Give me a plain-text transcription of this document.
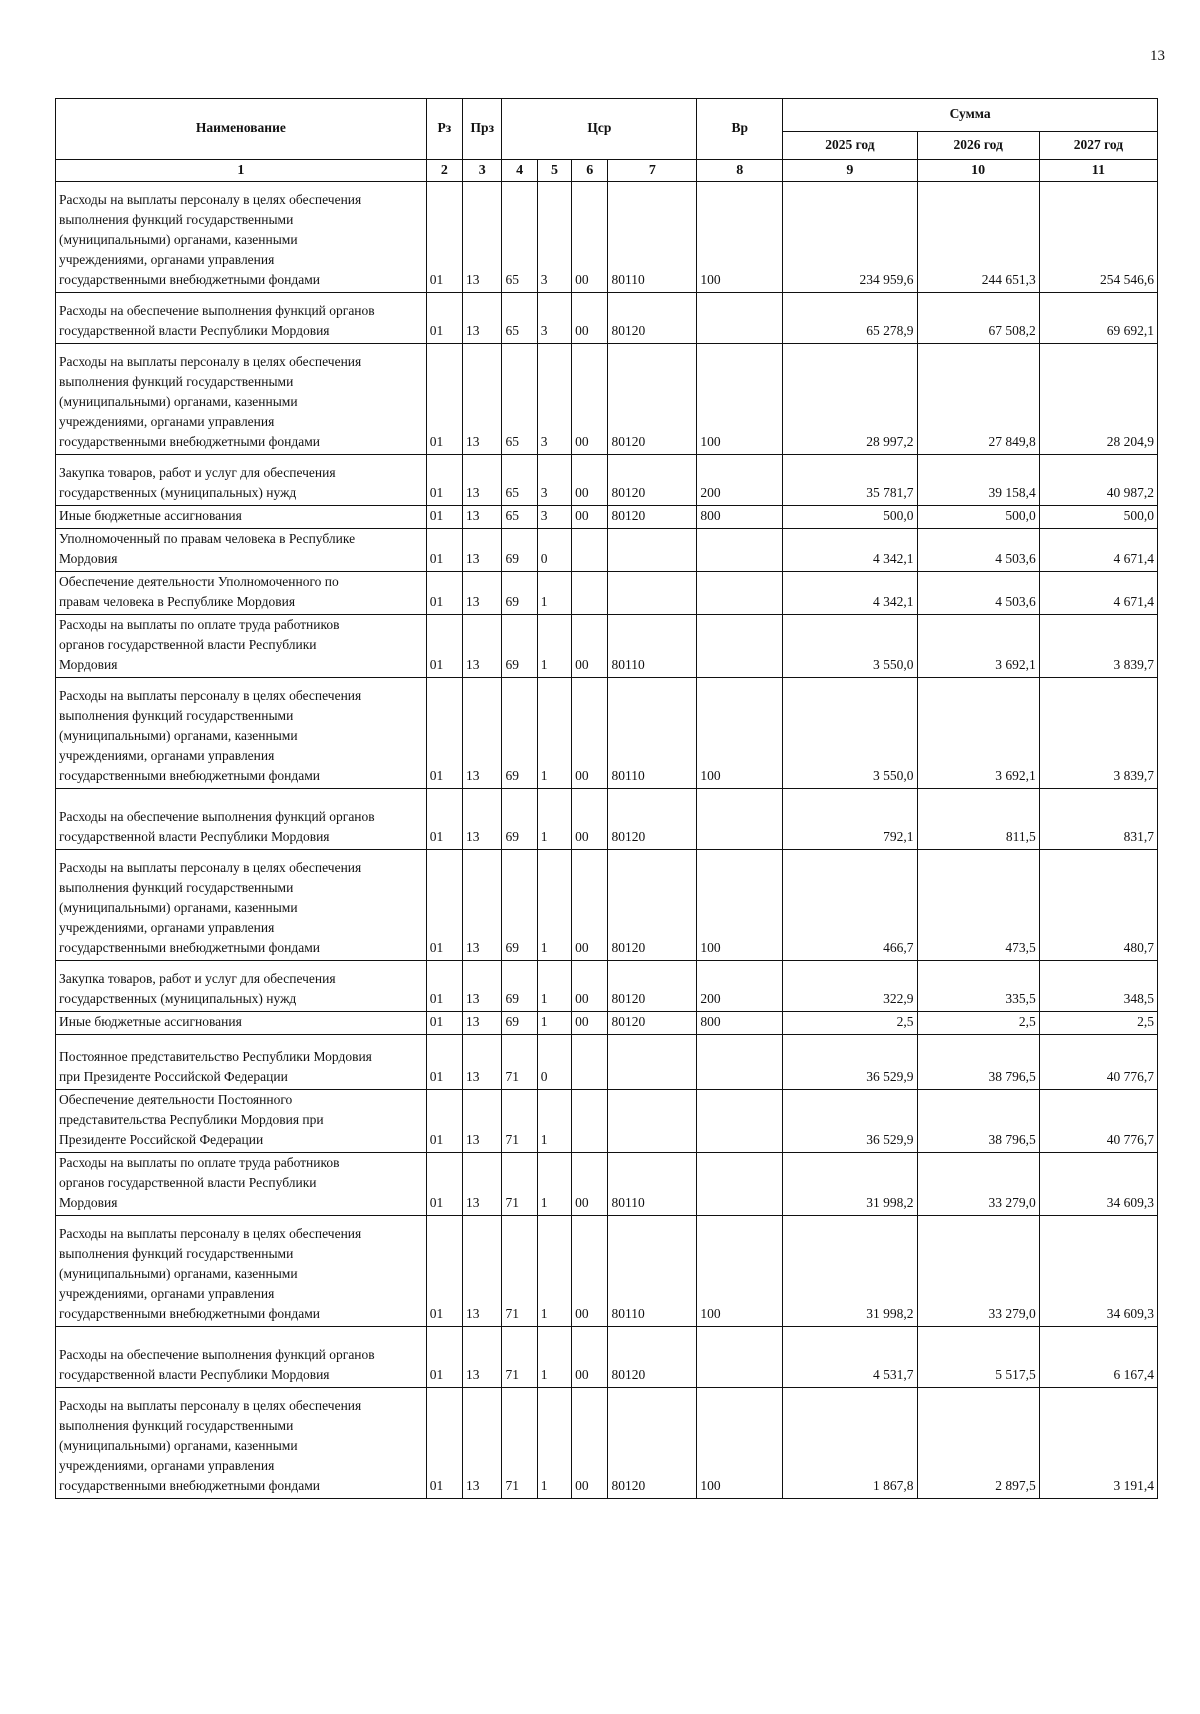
13
Наименование	Рз	Прз	Цср				Вр	Сумма		
								2025 год	2026 год	2027 год
1	2	3	4	5	6	7	8	9	10	11

Расходы на выплаты персоналу в целях обеспечения
выполнения функций государственными
(муниципальными) органами, казенными
учреждениями, органами управления
государственными внебюджетными фондами	01	13	65	3	00	80110	100	234 959,6	244 651,3	254 546,6

Расходы на обеспечение выполнения функций органов
государственной власти Республики Мордовия	01	13	65	3	00	80120		65 278,9	67 508,2	69 692,1

Расходы на выплаты персоналу в целях обеспечения
выполнения функций государственными
(муниципальными) органами, казенными
учреждениями, органами управления
государственными внебюджетными фондами	01	13	65	3	00	80120	100	28 997,2	27 849,8	28 204,9

Закупка товаров, работ и услуг для обеспечения
государственных (муниципальных) нужд	01	13	65	3	00	80120	200	35 781,7	39 158,4	40 987,2

Иные бюджетные ассигнования	01	13	65	3	00	80120	800	500,0	500,0	500,0

Уполномоченный по правам человека в Республике
Мордовия	01	13	69	0				4 342,1	4 503,6	4 671,4

Обеспечение деятельности Уполномоченного по
правам человека в Республике Мордовия	01	13	69	1				4 342,1	4 503,6	4 671,4

Расходы на выплаты по оплате труда работников
органов государственной власти Республики
Мордовия	01	13	69	1	00	80110		3 550,0	3 692,1	3 839,7

Расходы на выплаты персоналу в целях обеспечения
выполнения функций государственными
(муниципальными) органами, казенными
учреждениями, органами управления
государственными внебюджетными фондами	01	13	69	1	00	80110	100	3 550,0	3 692,1	3 839,7

Расходы на обеспечение выполнения функций органов
государственной власти Республики Мордовия	01	13	69	1	00	80120		792,1	811,5	831,7

Расходы на выплаты персоналу в целях обеспечения
выполнения функций государственными
(муниципальными) органами, казенными
учреждениями, органами управления
государственными внебюджетными фондами	01	13	69	1	00	80120	100	466,7	473,5	480,7

Закупка товаров, работ и услуг для обеспечения
государственных (муниципальных) нужд	01	13	69	1	00	80120	200	322,9	335,5	348,5

Иные бюджетные ассигнования	01	13	69	1	00	80120	800	2,5	2,5	2,5

Постоянное представительство Республики Мордовия
при Президенте Российской Федерации	01	13	71	0				36 529,9	38 796,5	40 776,7

Обеспечение деятельности Постоянного
представительства Республики Мордовия при
Президенте Российской Федерации	01	13	71	1				36 529,9	38 796,5	40 776,7

Расходы на выплаты по оплате труда работников
органов государственной власти Республики
Мордовия	01	13	71	1	00	80110		31 998,2	33 279,0	34 609,3

Расходы на выплаты персоналу в целях обеспечения
выполнения функций государственными
(муниципальными) органами, казенными
учреждениями, органами управления
государственными внебюджетными фондами	01	13	71	1	00	80110	100	31 998,2	33 279,0	34 609,3

Расходы на обеспечение выполнения функций органов
государственной власти Республики Мордовия	01	13	71	1	00	80120		4 531,7	5 517,5	6 167,4

Расходы на выплаты персоналу в целях обеспечения
выполнения функций государственными
(муниципальными) органами, казенными
учреждениями, органами управления
государственными внебюджетными фондами	01	13	71	1	00	80120	100	1 867,8	2 897,5	3 191,4
